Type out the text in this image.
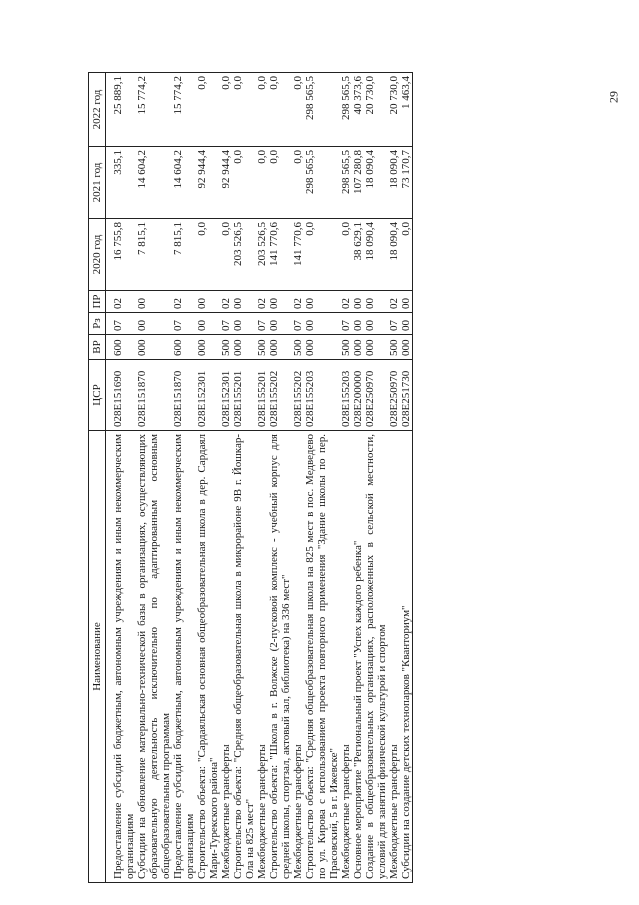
29
Наименование	ЦСР	ВР	Рз	ПР	2020 год	2021 год	2022 год

Предоставление субсидий бюджетным, автономным учреждениям и иным некоммерческим организациям	028E151690	600	07	02	16 755,8	335,1	25 889,1
Субсидии на обновление материально-технической базы в организациях, осуществляющих образовательную деятельность исключительно по адаптированным основным общеобразовательным программам	028E151870	000	00	00	7 815,1	14 604,2	15 774,2
Предоставление субсидий бюджетным, автономным учреждениям и иным некоммерческим организациям	028E151870	600	07	02	7 815,1	14 604,2	15 774,2
Строительство объекта: "Сардаяльская основная общеобразовательная школа в дер. Сардаял Мари-Турекского района"	028E152301	000	00	00	0,0	92 944,4	0,0
Межбюджетные трансферты	028E152301	500	07	02	0,0	92 944,4	0,0
Строительство объекта: "Средняя общеобразовательная школа в микрорайоне 9В г. Йошкар-Ола на 825 мест"	028E155201	000	00	00	203 526,5	0,0	0,0
Межбюджетные трансферты	028E155201	500	07	02	203 526,5	0,0	0,0
Строительство объекта: "Школа в г. Волжске (2-пусковой комплекс - учебный корпус для средней школы, спортзал, актовый зал, библиотека) на 336 мест"	028E155202	000	00	00	141 770,6	0,0	0,0
Межбюджетные трансферты	028E155202	500	07	02	141 770,6	0,0	0,0
Строительство объекта: "Средняя общеобразовательная школа на 825 мест в пос. Медведево по ул. Кирова с использованием проекта повторного применения "Здание школы по пер. Прасовский, 5 в г. Ижевске"	028E155203	000	00	00	0,0	298 565,5	298 565,5
Межбюджетные трансферты	028E155203	500	07	02	0,0	298 565,5	298 565,5
Основное мероприятие "Региональный проект "Успех каждого ребенка"	028E200000	000	00	00	38 629,1	107 280,8	40 373,6
Создание в общеобразовательных организациях, расположенных в сельской местности, условий для занятий физической культурой и спортом	028E250970	000	00	00	18 090,4	18 090,4	20 730,0
Межбюджетные трансферты	028E250970	500	07	02	18 090,4	18 090,4	20 730,0
Субсидии на создание детских технопарков "Кванториум"	028E251730	000	00	00	0,0	73 170,7	1 463,4
